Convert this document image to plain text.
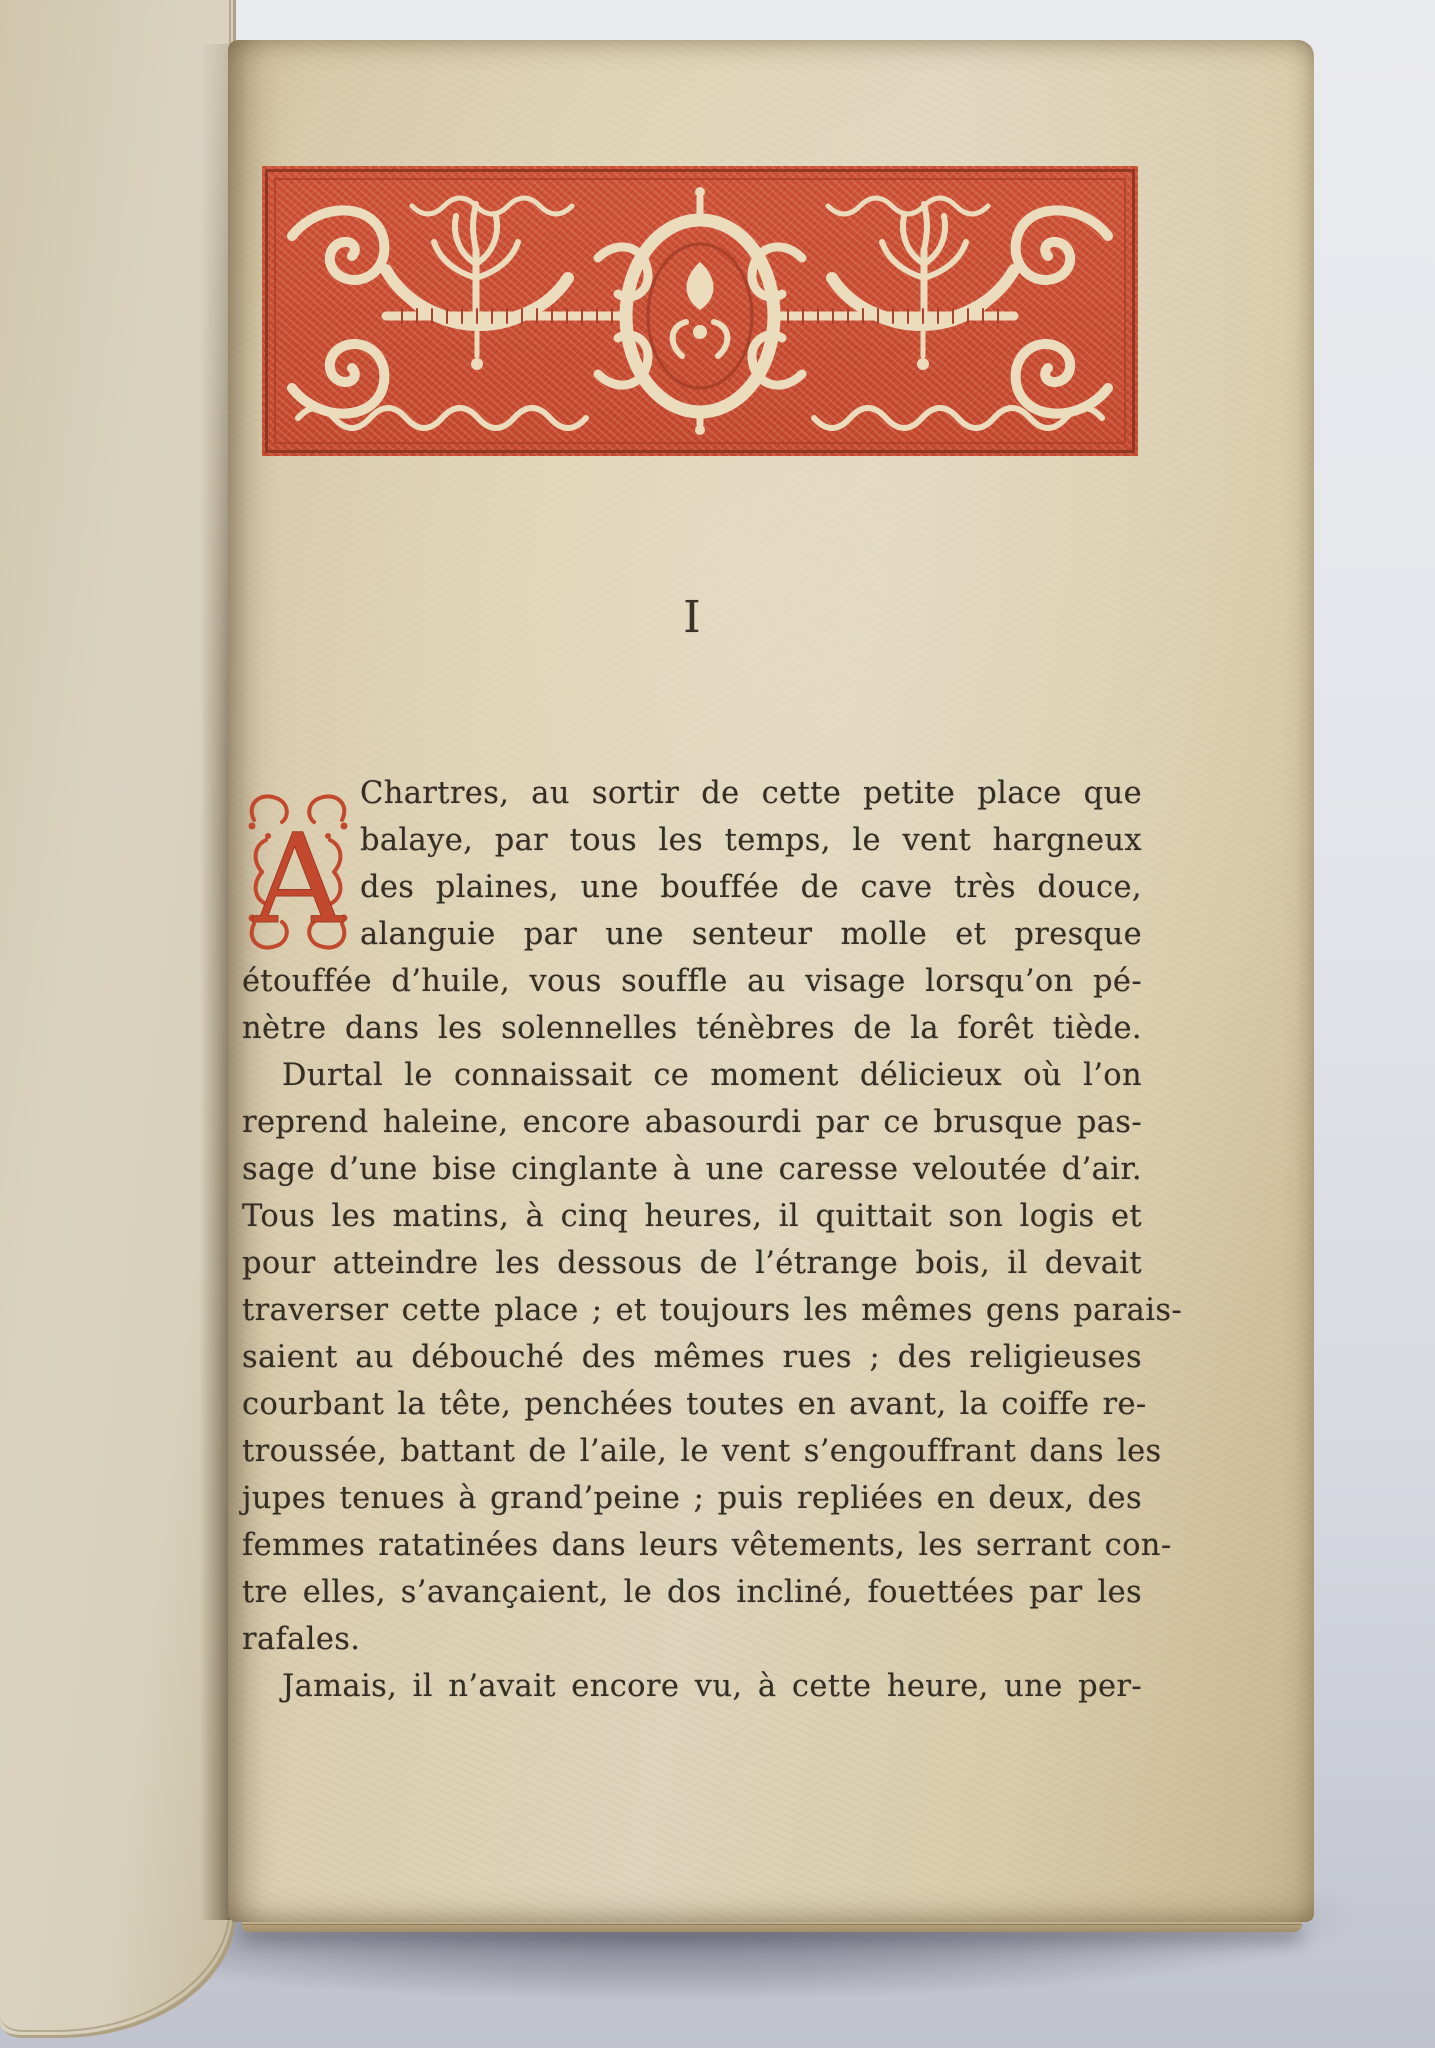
I
A
Chartres, au sortir de cette petite place que
balaye, par tous les temps, le vent hargneux
des plaines, une bouffée de cave très douce,
alanguie par une senteur molle et presque
étouffée d’huile, vous souffle au visage lorsqu’on pé-
nètre dans les solennelles ténèbres de la forêt tiède.
Durtal le connaissait ce moment délicieux où l’on
reprend haleine, encore abasourdi par ce brusque pas-
sage d’une bise cinglante à une caresse veloutée d’air.
Tous les matins, à cinq heures, il quittait son logis et
pour atteindre les dessous de l’étrange bois, il devait
traverser cette place ; et toujours les mêmes gens parais-
saient au débouché des mêmes rues ; des religieuses
courbant la tête, penchées toutes en avant, la coiffe re-
troussée, battant de l’aile, le vent s’engouffrant dans les
jupes tenues à grand’peine ; puis repliées en deux, des
femmes ratatinées dans leurs vêtements, les serrant con-
tre elles, s’avançaient, le dos incliné, fouettées par les
rafales.
Jamais, il n’avait encore vu, à cette heure, une per-
